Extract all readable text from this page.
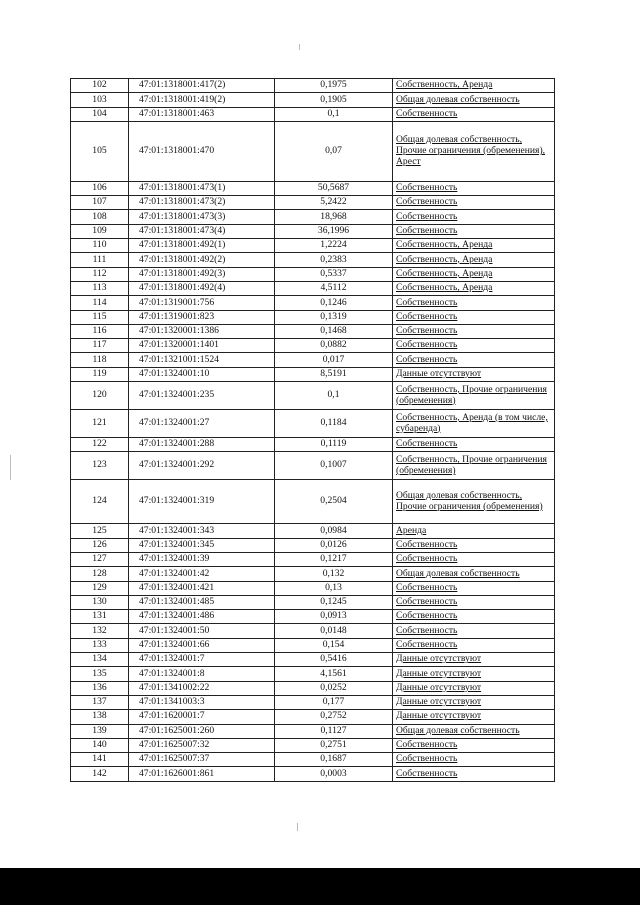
102	47:01:1318001:417(2)	0,1975	Собственность, Аренда
103	47:01:1318001:419(2)	0,1905	Общая долевая собственность
104	47:01:1318001:463	0,1	Собственность
105	47:01:1318001:470	0,07	Общая долевая собственность, Прочие ограничения (обременения), Арест
106	47:01:1318001:473(1)	50,5687	Собственность
107	47:01:1318001:473(2)	5,2422	Собственность
108	47:01:1318001:473(3)	18,968	Собственность
109	47:01:1318001:473(4)	36,1996	Собственность
110	47:01:1318001:492(1)	1,2224	Собственность, Аренда
111	47:01:1318001:492(2)	0,2383	Собственность, Аренда
112	47:01:1318001:492(3)	0,5337	Собственность, Аренда
113	47:01:1318001:492(4)	4,5112	Собственность, Аренда
114	47:01:1319001:756	0,1246	Собственность
115	47:01:1319001:823	0,1319	Собственность
116	47:01:1320001:1386	0,1468	Собственность
117	47:01:1320001:1401	0,0882	Собственность
118	47:01:1321001:1524	0,017	Собственность
119	47:01:1324001:10	8,5191	Данные отсутствуют
120	47:01:1324001:235	0,1	Собственность, Прочие ограничения (обременения)
121	47:01:1324001:27	0,1184	Собственность, Аренда (в том числе, субаренда)
122	47:01:1324001:288	0,1119	Собственность
123	47:01:1324001:292	0,1007	Собственность, Прочие ограничения (обременения)
124	47:01:1324001:319	0,2504	Общая долевая собственность, Прочие ограничения (обременения)
125	47:01:1324001:343	0,0984	Аренда
126	47:01:1324001:345	0,0126	Собственность
127	47:01:1324001:39	0,1217	Собственность
128	47:01:1324001:42	0,132	Общая долевая собственность
129	47:01:1324001:421	0,13	Собственность
130	47:01:1324001:485	0,1245	Собственность
131	47:01:1324001:486	0,0913	Собственность
132	47:01:1324001:50	0,0148	Собственность
133	47:01:1324001:66	0,154	Собственность
134	47:01:1324001:7	0,5416	Данные отсутствуют
135	47:01:1324001:8	4,1561	Данные отсутствуют
136	47:01:1341002:22	0,0252	Данные отсутствуют
137	47:01:1341003:3	0,177	Данные отсутствуют
138	47:01:1620001:7	0,2752	Данные отсутствуют
139	47:01:1625001:260	0,1127	Общая долевая собственность
140	47:01:1625007:32	0,2751	Собственность
141	47:01:1625007:37	0,1687	Собственность
142	47:01:1626001:861	0,0003	Собственность
